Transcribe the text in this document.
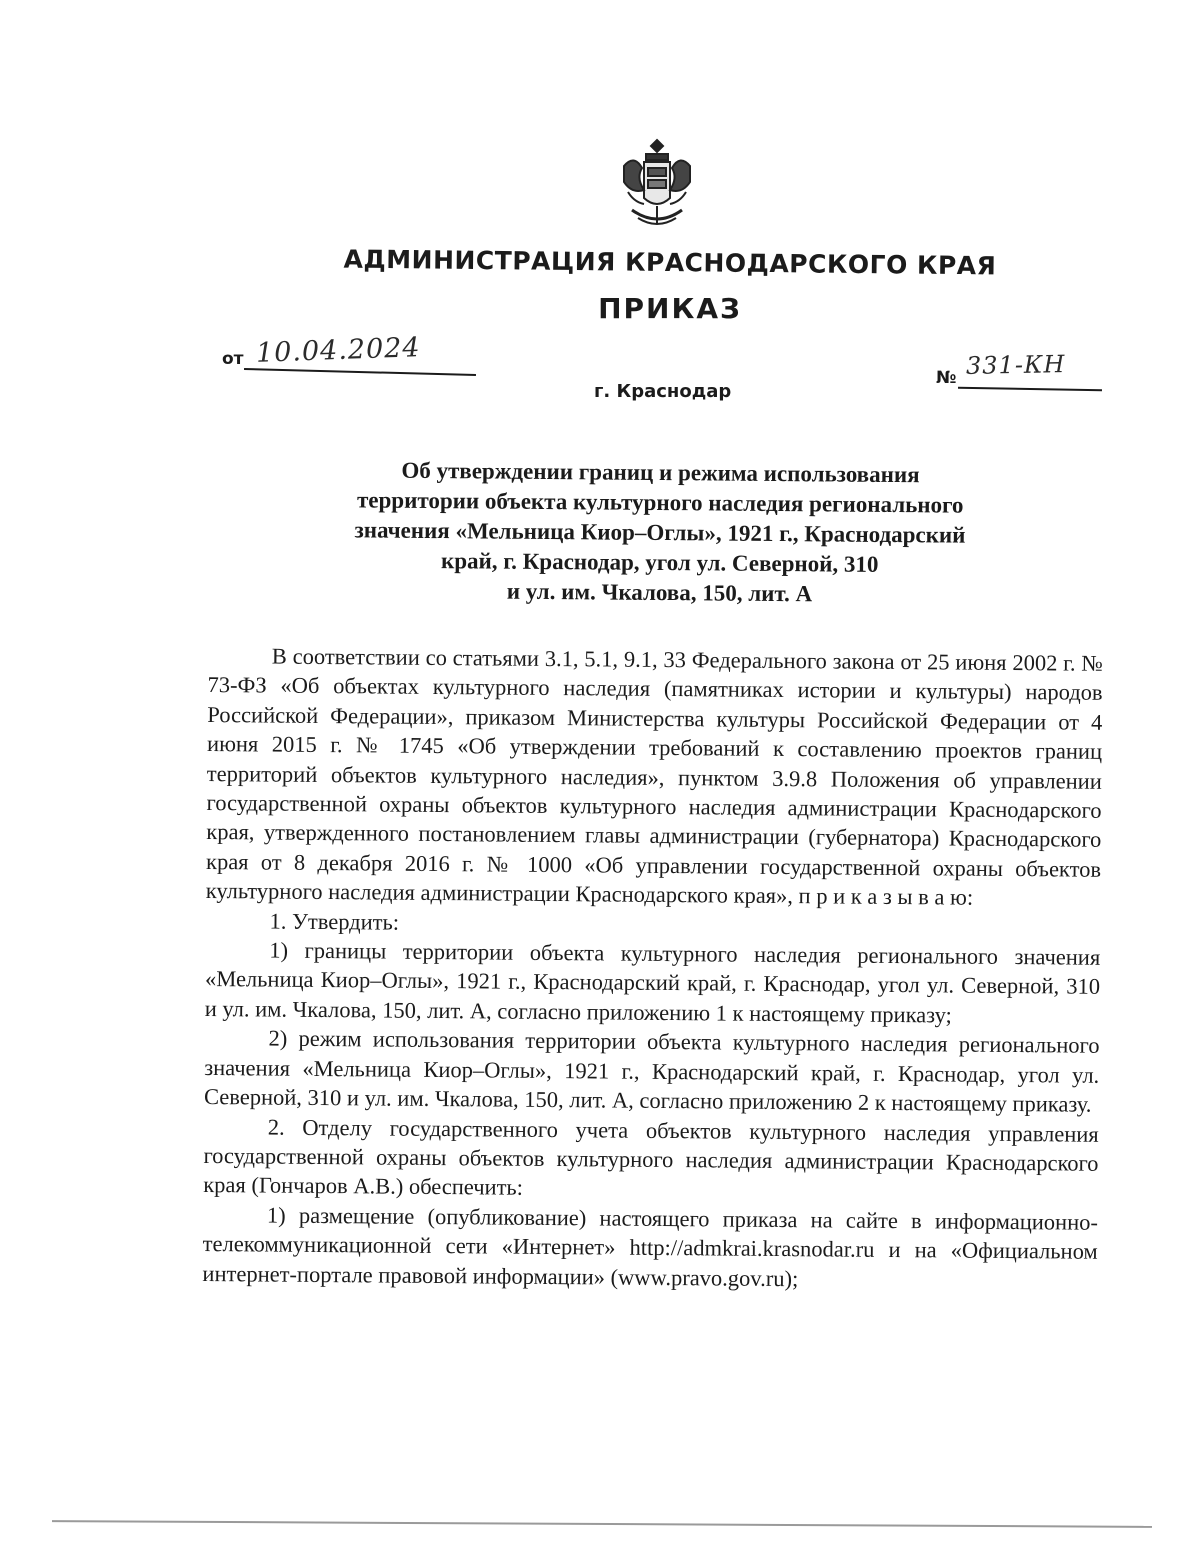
АДМИНИСТРАЦИЯ КРАСНОДАРСКОГО КРАЯ
ПРИКАЗ
от 10.04.2024
г. Краснодар
№ 331-КН
Об утверждении границ и режима использования
территории объекта культурного наследия регионального
значения «Мельница Киор–Оглы», 1921 г., Краснодарский
край, г. Краснодар, угол ул. Северной, 310
и ул. им. Чкалова, 150, лит. А

В соответствии со статьями 3.1, 5.1, 9.1, 33 Федерального закона от 25 июня 2002 г. № 73-ФЗ «Об объектах культурного наследия (памятниках истории и культуры) народов Российской Федерации», приказом Министерства культуры Российской Федерации от 4 июня 2015 г. № 1745 «Об утверждении требований к составлению проектов границ территорий объектов культурного наследия», пунктом 3.9.8 Положения об управлении государственной охраны объектов культурного наследия администрации Краснодарского края, утвержденного постановлением главы администрации (губернатора) Краснодарского края от 8 декабря 2016 г. № 1000 «Об управлении государственной охраны объектов культурного наследия администрации Краснодарского края», п р и к а з ы в а ю:

1. Утвердить:

1) границы территории объекта культурного наследия регионального значения «Мельница Киор–Оглы», 1921 г., Краснодарский край, г. Краснодар, угол ул. Северной, 310 и ул. им. Чкалова, 150, лит. А, согласно приложению 1 к настоящему приказу;

2) режим использования территории объекта культурного наследия регионального значения «Мельница Киор–Оглы», 1921 г., Краснодарский край, г. Краснодар, угол ул. Северной, 310 и ул. им. Чкалова, 150, лит. А, согласно приложению 2 к настоящему приказу.

2. Отделу государственного учета объектов культурного наследия управления государственной охраны объектов культурного наследия администрации Краснодарского края (Гончаров А.В.) обеспечить:

1) размещение (опубликование) настоящего приказа на сайте в информационно-телекоммуникационной сети «Интернет» http://admkrai.krasnodar.ru и на «Официальном интернет-портале правовой информации» (www.pravo.gov.ru);
